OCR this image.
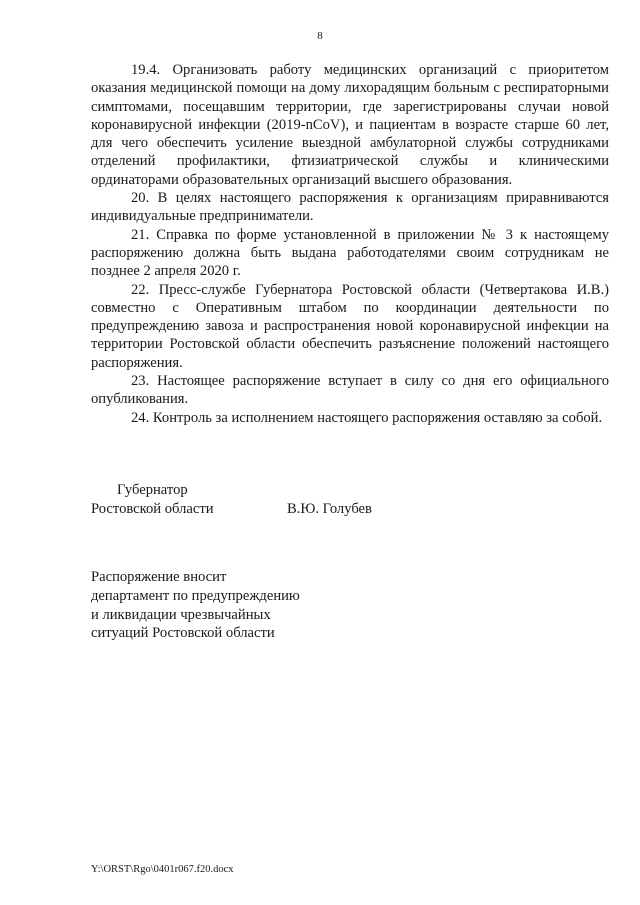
8

19.4. Организовать работу медицинских организаций с приоритетом оказания медицинской помощи на дому лихорадящим больным с респираторными симптомами, посещавшим территории, где зарегистрированы случаи новой коронавирусной инфекции (2019-nCoV), и пациентам в возрасте старше 60 лет, для чего обеспечить усиление выездной амбулаторной службы сотрудниками отделений профилактики, фтизиатрической службы и клиническими ординаторами образовательных организаций высшего образования.

20. В целях настоящего распоряжения к организациям приравниваются индивидуальные предприниматели.

21. Справка по форме установленной в приложении № 3 к настоящему распоряжению должна быть выдана работодателями своим сотрудникам не позднее 2 апреля 2020 г.

22. Пресс-службе Губернатора Ростовской области (Четвертакова И.В.) совместно с Оперативным штабом по координации деятельности по предупреждению завоза и распространения новой коронавирусной инфекции на территории Ростовской области обеспечить разъяснение положений настоящего распоряжения.

23. Настоящее распоряжение вступает в силу со дня его официального опубликования.

24. Контроль за исполнением настоящего распоряжения оставляю за собой.

Губернатор
Ростовской области	В.Ю. Голубев
Распоряжение вносит
департамент по предупреждению
и ликвидации чрезвычайных
ситуаций Ростовской области
Y:\ORST\Rgo\0401r067.f20.docx
